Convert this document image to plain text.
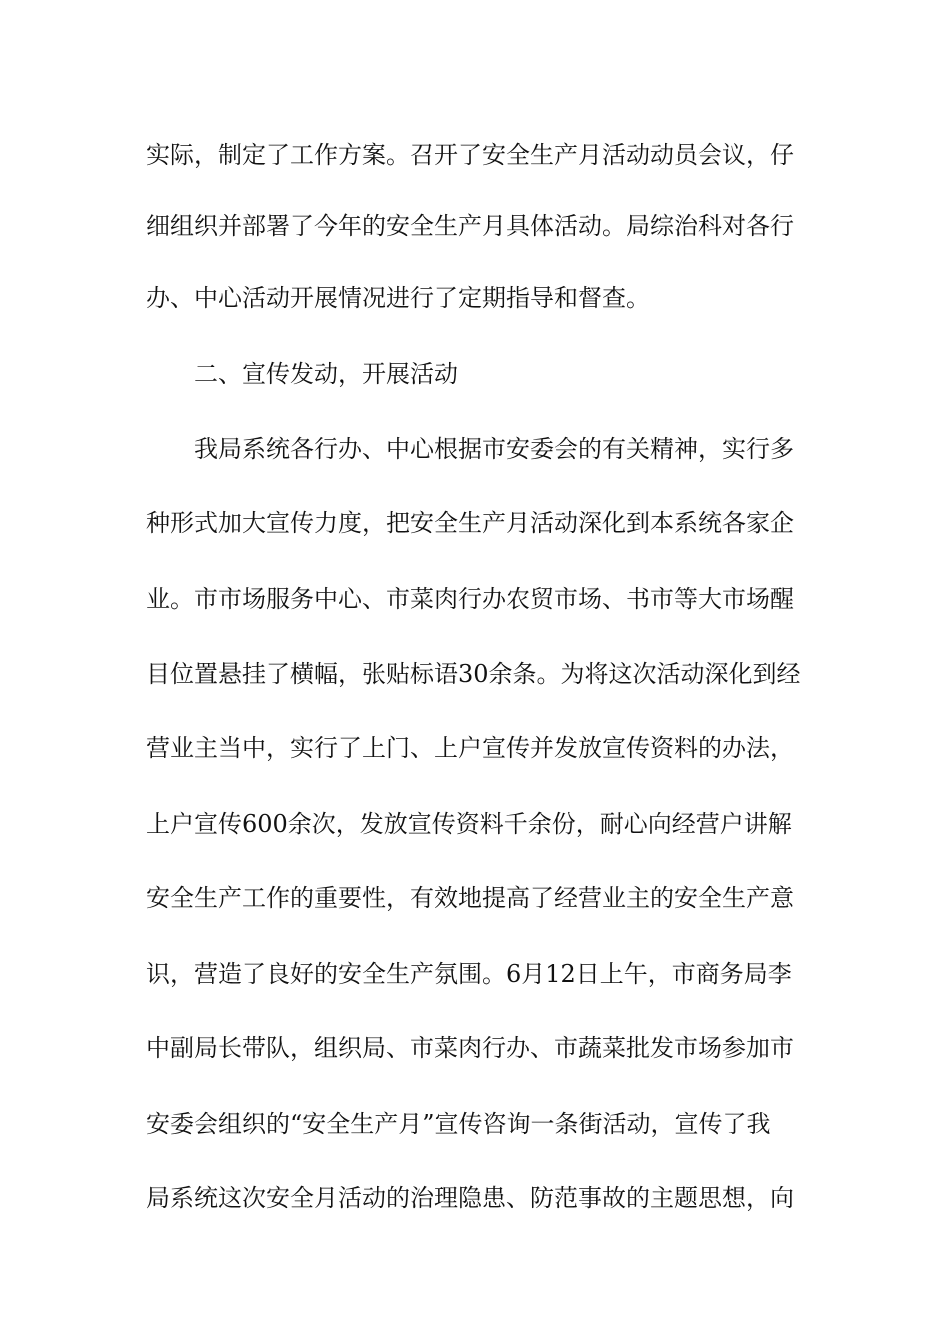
实际，制定了工作方案。召开了安全生产月活动动员会议，仔
细组织并部署了今年的安全生产月具体活动。局综治科对各行
办、中心活动开展情况进行了定期指导和督查。
二、宣传发动，开展活动
我局系统各行办、中心根据市安委会的有关精神，实行多
种形式加大宣传力度，把安全生产月活动深化到本系统各家企
业。市市场服务中心、市菜肉行办农贸市场、书市等大市场醒
目位置悬挂了横幅，张贴标语30余条。为将这次活动深化到经
营业主当中，实行了上门、上户宣传并发放宣传资料的办法，
上户宣传600余次，发放宣传资料千余份，耐心向经营户讲解
安全生产工作的重要性，有效地提高了经营业主的安全生产意
识，营造了良好的安全生产氛围。6月12日上午，市商务局李
中副局长带队，组织局、市菜肉行办、市蔬菜批发市场参加市
安委会组织的“安全生产月”宣传咨询一条街活动，宣传了我
局系统这次安全月活动的治理隐患、防范事故的主题思想，向
